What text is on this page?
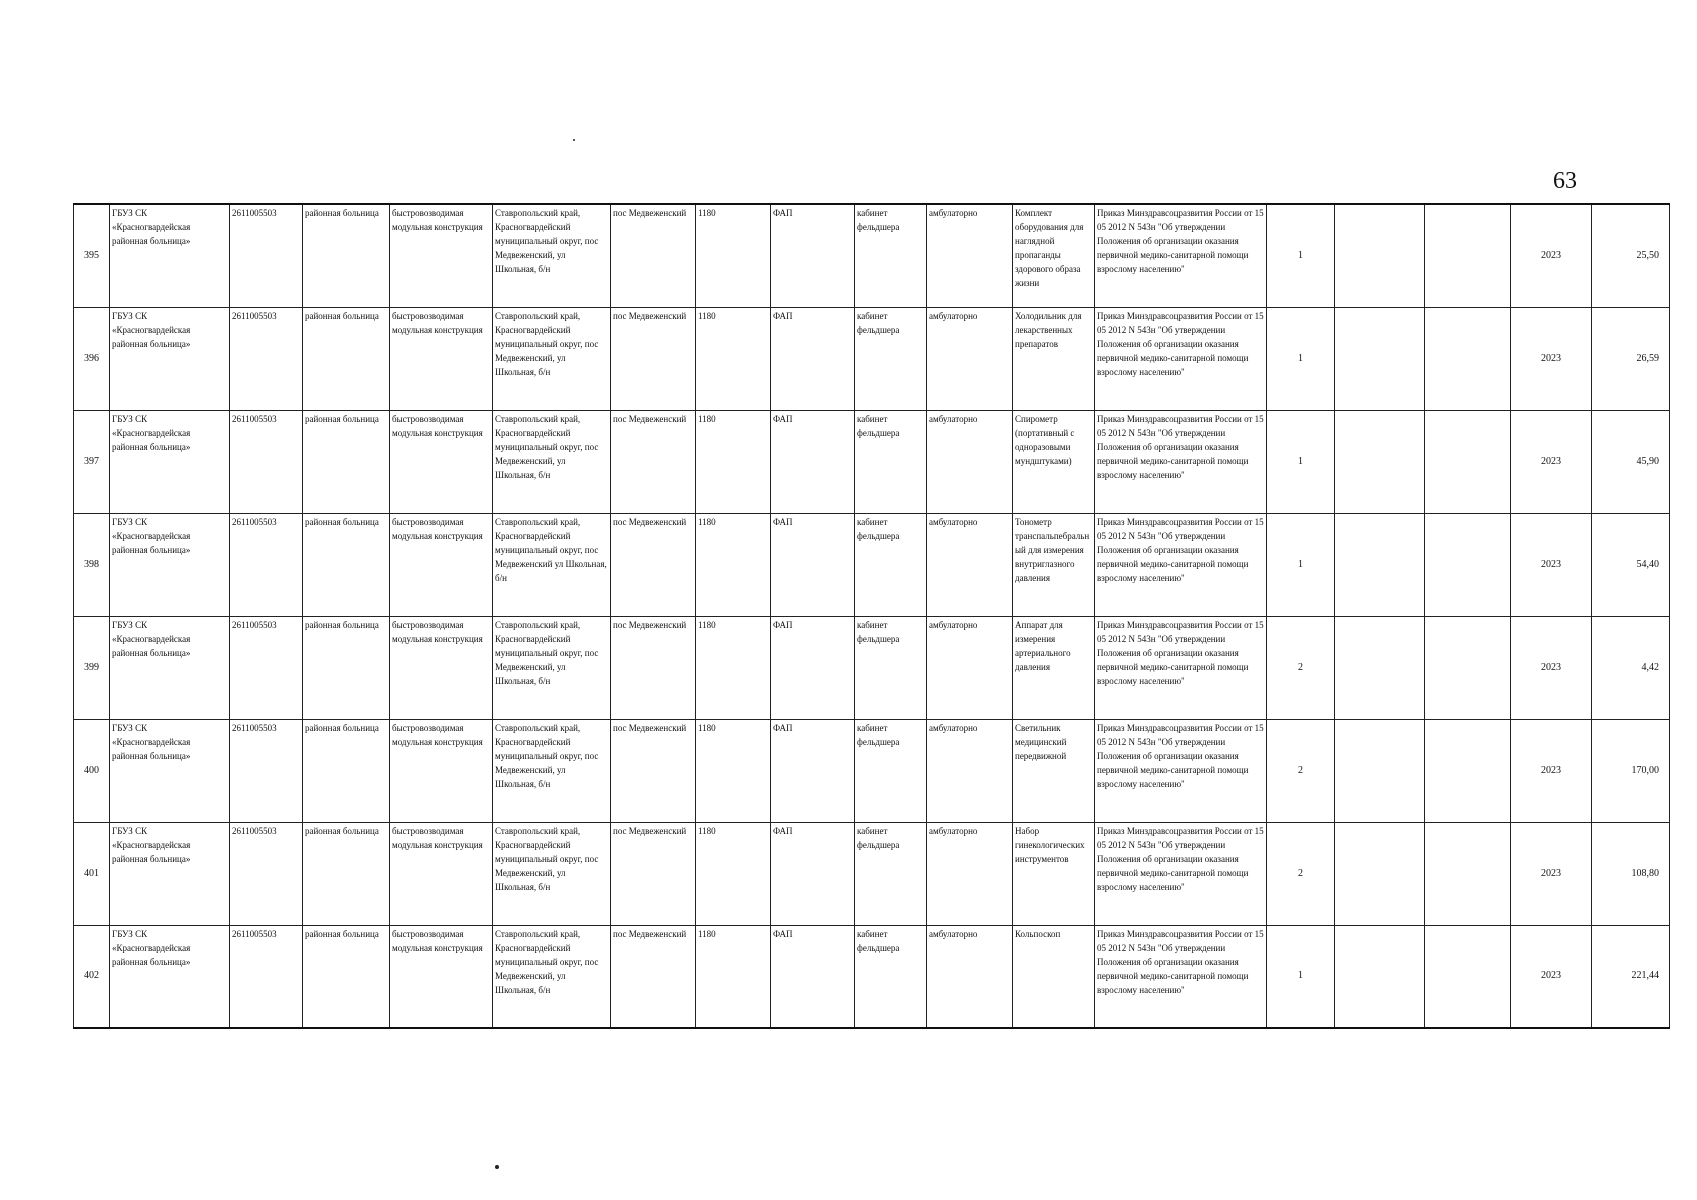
63
395	ГБУЗ СК «Красногвардейская районная больница»	2611005503	районная больница	быстровозводимая модульная конструкция	Ставропольский край, Красногвардейский муниципальный округ, пос Медвеженский, ул Школьная, б/н	пос Медвеженский	1180	ФАП	кабинет фельдшера	амбулаторно	Комплект оборудования для наглядной пропаганды здорового образа жизни	Приказ Минздравсоцразвития России от 15 05 2012 N 543н "Об утверждении Положения об организации оказания первичной медико-санитарной помощи взрослому населению"	1			2023	25,50
396	ГБУЗ СК «Красногвардейская районная больница»	2611005503	районная больница	быстровозводимая модульная конструкция	Ставропольский край, Красногвардейский муниципальный округ, пос Медвеженский, ул Школьная, б/н	пос Медвеженский	1180	ФАП	кабинет фельдшера	амбулаторно	Холодильник для лекарственных препаратов	Приказ Минздравсоцразвития России от 15 05 2012 N 543н "Об утверждении Положения об организации оказания первичной медико-санитарной помощи взрослому населению"	1			2023	26,59
397	ГБУЗ СК «Красногвардейская районная больница»	2611005503	районная больница	быстровозводимая модульная конструкция	Ставропольский край, Красногвардейский муниципальный округ, пос Медвеженский, ул Школьная, б/н	пос Медвеженский	1180	ФАП	кабинет фельдшера	амбулаторно	Спирометр (портативный с одноразовыми мундштуками)	Приказ Минздравсоцразвития России от 15 05 2012 N 543н "Об утверждении Положения об организации оказания первичной медико-санитарной помощи взрослому населению"	1			2023	45,90
398	ГБУЗ СК «Красногвардейская районная больница»	2611005503	районная больница	быстровозводимая модульная конструкция	Ставропольский край, Красногвардейский муниципальный округ, пос Медвеженский ул Школьная, б/н	пос Медвеженский	1180	ФАП	кабинет фельдшера	амбулаторно	Тонометр транспальпебральный для измерения внутриглазного давления	Приказ Минздравсоцразвития России от 15 05 2012 N 543н "Об утверждении Положения об организации оказания первичной медико-санитарной помощи взрослому населению"	1			2023	54,40
399	ГБУЗ СК «Красногвардейская районная больница»	2611005503	районная больница	быстровозводимая модульная конструкция	Ставропольский край, Красногвардейский муниципальный округ, пос Медвеженский, ул Школьная, б/н	пос Медвеженский	1180	ФАП	кабинет фельдшера	амбулаторно	Аппарат для измерения артериального давления	Приказ Минздравсоцразвития России от 15 05 2012 N 543н "Об утверждении Положения об организации оказания первичной медико-санитарной помощи взрослому населению"	2			2023	4,42
400	ГБУЗ СК «Красногвардейская районная больница»	2611005503	районная больница	быстровозводимая модульная конструкция	Ставропольский край, Красногвардейский муниципальный округ, пос Медвеженский, ул Школьная, б/н	пос Медвеженский	1180	ФАП	кабинет фельдшера	амбулаторно	Светильник медицинский передвижной	Приказ Минздравсоцразвития России от 15 05 2012 N 543н "Об утверждении Положения об организации оказания первичной медико-санитарной помощи взрослому населению"	2			2023	170,00
401	ГБУЗ СК «Красногвардейская районная больница»	2611005503	районная больница	быстровозводимая модульная конструкция	Ставропольский край, Красногвардейский муниципальный округ, пос Медвеженский, ул Школьная, б/н	пос Медвеженский	1180	ФАП	кабинет фельдшера	амбулаторно	Набор гинекологических инструментов	Приказ Минздравсоцразвития России от 15 05 2012 N 543н "Об утверждении Положения об организации оказания первичной медико-санитарной помощи взрослому населению"	2			2023	108,80
402	ГБУЗ СК «Красногвардейская районная больница»	2611005503	районная больница	быстровозводимая модульная конструкция	Ставропольский край, Красногвардейский муниципальный округ, пос Медвеженский, ул Школьная, б/н	пос Медвеженский	1180	ФАП	кабинет фельдшера	амбулаторно	Кольпоскоп	Приказ Минздравсоцразвития России от 15 05 2012 N 543н "Об утверждении Положения об организации оказания первичной медико-санитарной помощи взрослому населению"	1			2023	221,44
